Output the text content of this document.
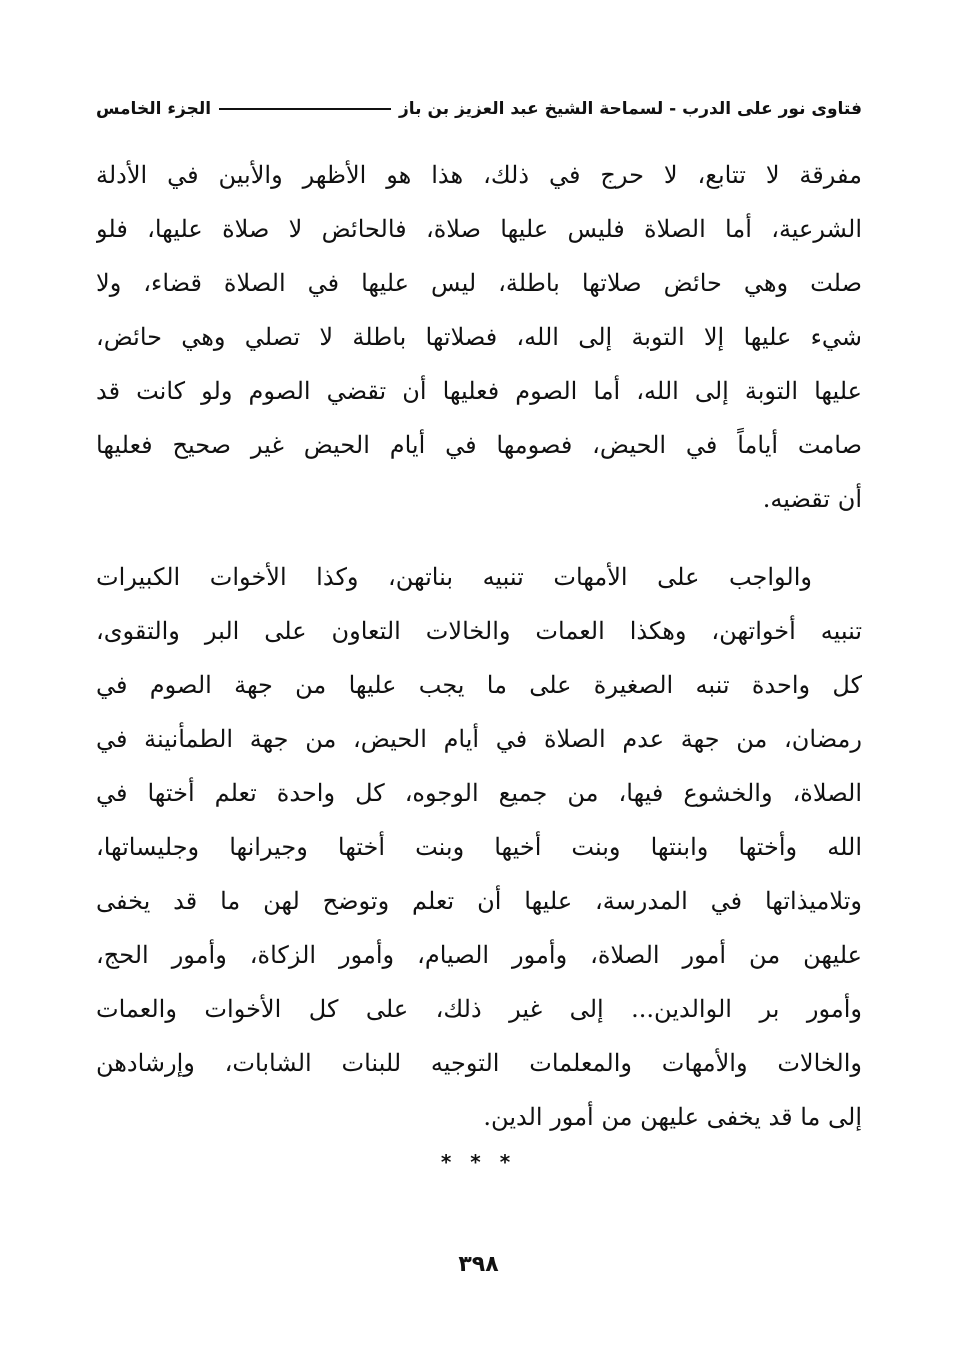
فتاوى نور على الدرب - لسماحة الشيخ عبد العزيز بن باز
الجزء الخامس

مفرقة لا تتابع، لا حرج في ذلك، هذا هو الأظهر والأبين في الأدلة
الشرعية، أما الصلاة فليس عليها صلاة، فالحائض لا صلاة عليها، فلو
صلت وهي حائض صلاتها باطلة، ليس عليها في الصلاة قضاء، ولا
شيء عليها إلا التوبة إلى الله، فصلاتها باطلة لا تصلي وهي حائض،
عليها التوبة إلى الله، أما الصوم فعليها أن تقضي الصوم ولو كانت قد
صامت أياماً في الحيض، فصومها في أيام الحيض غير صحيح فعليها
أن تقضيه.

والواجب على الأمهات تنبيه بناتهن، وكذا الأخوات الكبيرات
تنبيه أخواتهن، وهكذا العمات والخالات التعاون على البر والتقوى،
كل واحدة تنبه الصغيرة على ما يجب عليها من جهة الصوم في
رمضان، من جهة عدم الصلاة في أيام الحيض، من جهة الطمأنينة في
الصلاة، والخشوع فيها، من جميع الوجوه، كل واحدة تعلم أختها في
الله وأختها وابنتها وبنت أخيها وبنت أختها وجيرانها وجليساتها،
وتلاميذاتها في المدرسة، عليها أن تعلم وتوضح لهن ما قد يخفى
عليهن من أمور الصلاة، وأمور الصيام، وأمور الزكاة، وأمور الحج،
وأمور بر الوالدين... إلى غير ذلك، على كل الأخوات والعمات
والخالات والأمهات والمعلمات التوجيه للبنات الشابات، وإرشادهن
إلى ما قد يخفى عليهن من أمور الدين.

* * *
٣٩٨
